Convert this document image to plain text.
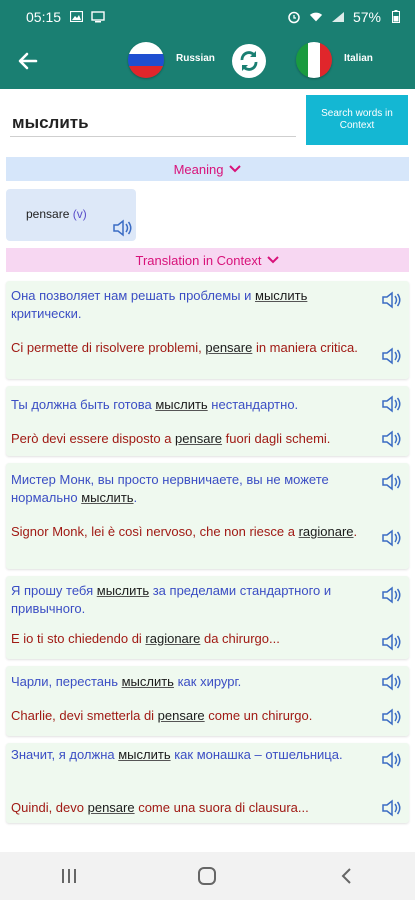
05:15	57%
Russian	Italian
мыслить
Search words in Context
Meaning
pensare (v)
Translation in Context
Она позволяет нам решать проблемы и мыслить критически.
Ci permette di risolvere problemi, pensare in maniera critica.
Ты должна быть готова мыслить нестандартно.
Però devi essere disposto a pensare fuori dagli schemi.
Мистер Монк, вы просто нервничаете, вы не можете нормально мыслить.
Signor Monk, lei è così nervoso, che non riesce a ragionare.
Я прошу тебя мыслить за пределами стандартного и привычного.
E io ti sto chiedendo di ragionare da chirurgo...
Чарли, перестань мыслить как хирург.
Charlie, devi smetterla di pensare come un chirurgo.
Значит, я должна мыслить как монашка – отшельница.
Quindi, devo pensare come una suora di clausura...
